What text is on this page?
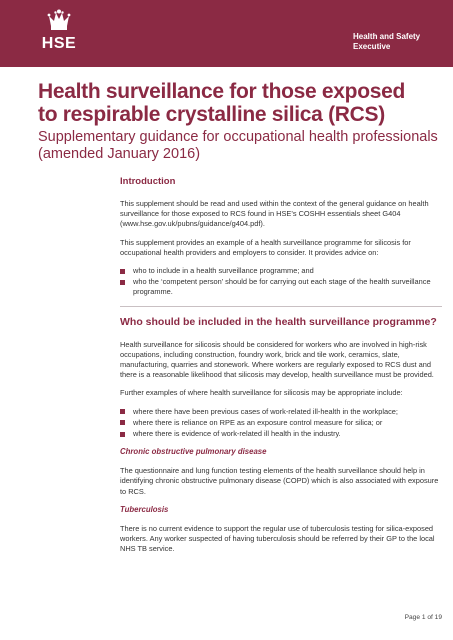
HSE	Health and Safety
Executive
Health surveillance for those exposed
to respirable crystalline silica (RCS)
Supplementary guidance for occupational health professionals
(amended January 2016)
Introduction

This supplement should be read and used within the context of the general guidance on health surveillance for those exposed to RCS found in HSE’s COSHH essentials sheet G404 (www.hse.gov.uk/pubns/guidance/g404.pdf).

This supplement provides an example of a health surveillance programme for silicosis for occupational health providers and employers to consider. It provides advice on:

who to include in a health surveillance programme; and
who the ‘competent person’ should be for carrying out each stage of the health surveillance programme.
Who should be included in the health surveillance programme?

Health surveillance for silicosis should be considered for workers who are involved in high-risk occupations, including construction, foundry work, brick and tile work, ceramics, slate, manufacturing, quarries and stonework. Where workers are regularly exposed to RCS dust and there is a reasonable likelihood that silicosis may develop, health surveillance must be provided.

Further examples of where health surveillance for silicosis may be appropriate include:

where there have been previous cases of work-related ill-health in the workplace;
where there is reliance on RPE as an exposure control measure for silica; or
where there is evidence of work-related ill health in the industry.
Chronic obstructive pulmonary disease

The questionnaire and lung function testing elements of the health surveillance should help in identifying chronic obstructive pulmonary disease (COPD) which is also associated with exposure to RCS.

Tuberculosis

There is no current evidence to support the regular use of tuberculosis testing for silica-exposed workers. Any worker suspected of having tuberculosis should be referred by their GP to the local NHS TB service.

Page 1 of 19
